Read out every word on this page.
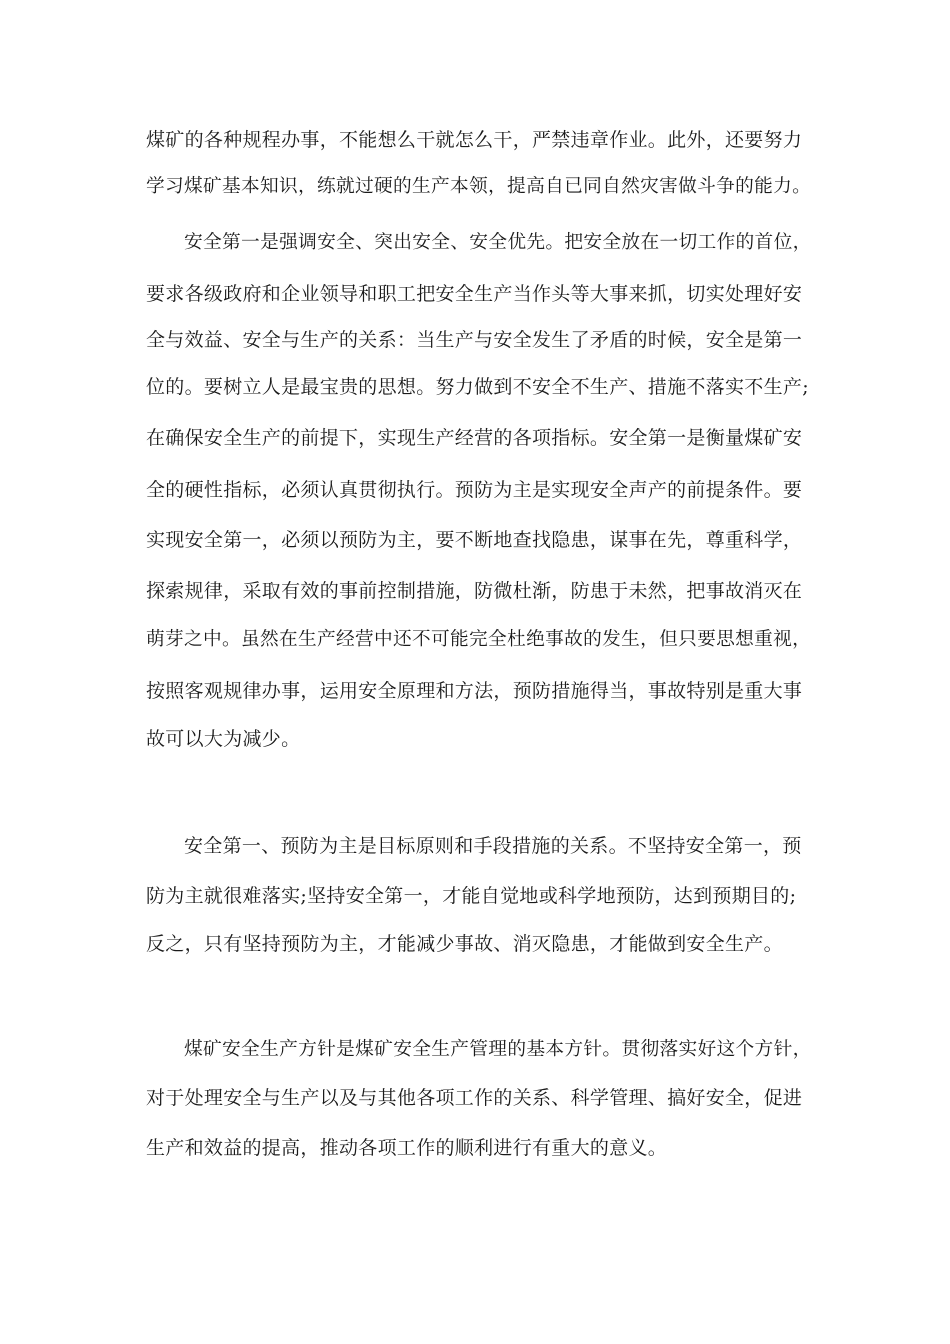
煤矿的各种规程办事，不能想么干就怎么干，严禁违章作业。此外，还要努力
学习煤矿基本知识，练就过硬的生产本领，提高自已同自然灾害做斗争的能力。
安全第一是强调安全、突出安全、安全优先。把安全放在一切工作的首位，
要求各级政府和企业领导和职工把安全生产当作头等大事来抓，切实处理好安
全与效益、安全与生产的关系：当生产与安全发生了矛盾的时候，安全是第一
位的。要树立人是最宝贵的思想。努力做到不安全不生产、措施不落实不生产;
在确保安全生产的前提下，实现生产经营的各项指标。安全第一是衡量煤矿安
全的硬性指标，必须认真贯彻执行。预防为主是实现安全声产的前提条件。要
实现安全第一，必须以预防为主，要不断地查找隐患，谋事在先，尊重科学，
探索规律，采取有效的事前控制措施，防微杜渐，防患于未然，把事故消灭在
萌芽之中。虽然在生产经营中还不可能完全杜绝事故的发生，但只要思想重视，
按照客观规律办事，运用安全原理和方法，预防措施得当，事故特别是重大事
故可以大为减少。
安全第一、预防为主是目标原则和手段措施的关系。不坚持安全第一，预
防为主就很难落实;坚持安全第一，才能自觉地或科学地预防，达到预期目的;
反之，只有坚持预防为主，才能减少事故、消灭隐患，才能做到安全生产。
煤矿安全生产方针是煤矿安全生产管理的基本方针。贯彻落实好这个方针，
对于处理安全与生产以及与其他各项工作的关系、科学管理、搞好安全，促进
生产和效益的提高，推动各项工作的顺利进行有重大的意义。
